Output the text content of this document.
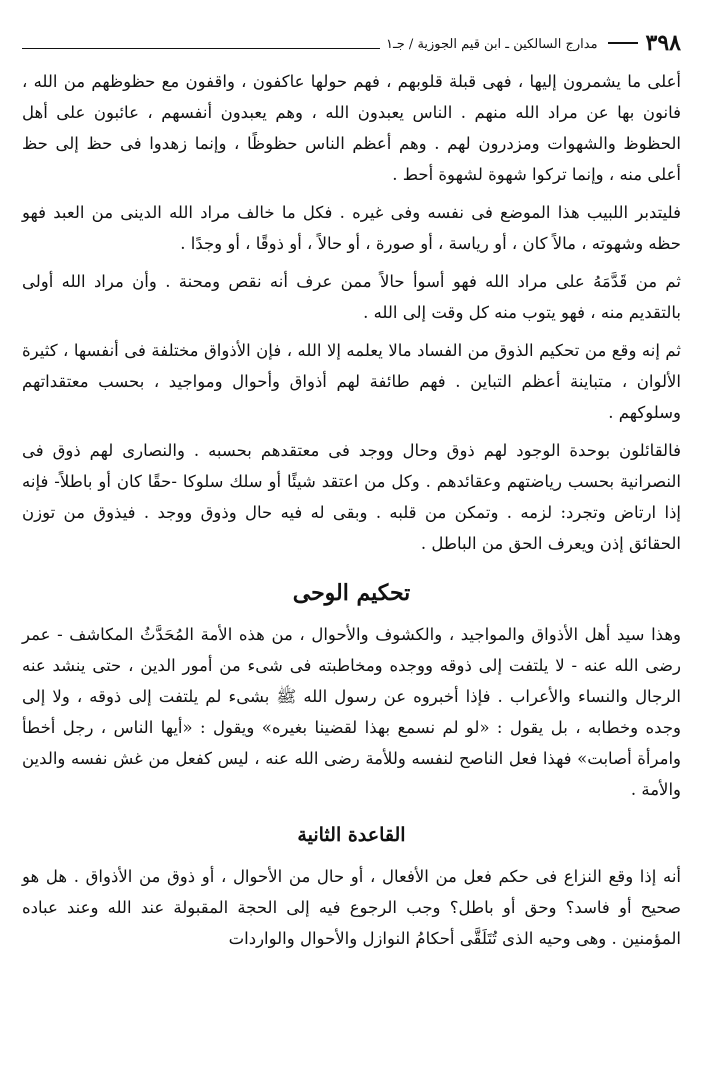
٣٩٨
مدارج السالكين ـ ابن قيم الجوزية / جـ١

أعلى ما يشمرون إليها ، فهى قبلة قلوبهم ، فهم حولها عاكفون ، واقفون مع حظوظهم من الله ، فانون بها عن مراد الله منهم . الناس يعبدون الله ، وهم يعبدون أنفسهم ، عائبون على أهل الحظوظ والشهوات ومزدرون لهم . وهم أعظم الناس حظوظًا ، وإنما زهدوا فى حظ إلى حظ أعلى منه ، وإنما تركوا شهوة لشهوة أحط .

فليتدبر اللبيب هذا الموضع فى نفسه وفى غيره . فكل ما خالف مراد الله الدينى من العبد فهو حظه وشهوته ، مالاً كان ، أو رياسة ، أو صورة ، أو حالاً ، أو ذوقًا ، أو وجدًا .

ثم من قَدَّمَهُ على مراد الله فهو أسوأ حالاً ممن عرف أنه نقص ومحنة . وأن مراد الله أولى بالتقديم منه ، فهو يتوب منه كل وقت إلى الله .

ثم إنه وقع من تحكيم الذوق من الفساد مالا يعلمه إلا الله ، فإن الأذواق مختلفة فى أنفسها ، كثيرة الألوان ، متباينة أعظم التباين . فهم طائفة لهم أذواق وأحوال ومواجيد ، بحسب معتقداتهم وسلوكهم .

فالقائلون بوحدة الوجود لهم ذوق وحال ووجد فى معتقدهم بحسبه . والنصارى لهم ذوق فى النصرانية بحسب رياضتهم وعقائدهم . وكل من اعتقد شيئًا أو سلك سلوكا -حقًا كان أو باطلاً- فإنه إذا ارتاض وتجرد: لزمه . وتمكن من قلبه . وبقى له فيه حال وذوق ووجد . فيذوق من توزن الحقائق إذن ويعرف الحق من الباطل .

تحكيم الوحى

وهذا سيد أهل الأذواق والمواجيد ، والكشوف والأحوال ، من هذه الأمة المُحَدَّثُ المكاشف - عمر رضى الله عنه - لا يلتفت إلى ذوقه ووجده ومخاطبته فى شىء من أمور الدين ، حتى ينشد عنه الرجال والنساء والأعراب . فإذا أخبروه عن رسول الله ﷺ بشىء لم يلتفت إلى ذوقه ، ولا إلى وجده وخطابه ، بل يقول : «لو لم نسمع بهذا لقضينا بغيره» ويقول : «أيها الناس ، رجل أخطأ وامرأة أصابت» فهذا فعل الناصح لنفسه وللأمة رضى الله عنه ، ليس كفعل من غش نفسه والدين والأمة .

القاعدة الثانية

أنه إذا وقع النزاع فى حكم فعل من الأفعال ، أو حال من الأحوال ، أو ذوق من الأذواق . هل هو صحيح أو فاسد؟ وحق أو باطل؟ وجب الرجوع فيه إلى الحجة المقبولة عند الله وعند عباده المؤمنين . وهى وحيه الذى تُتَلَقَّى أحكامُ النوازل والأحوال والواردات
